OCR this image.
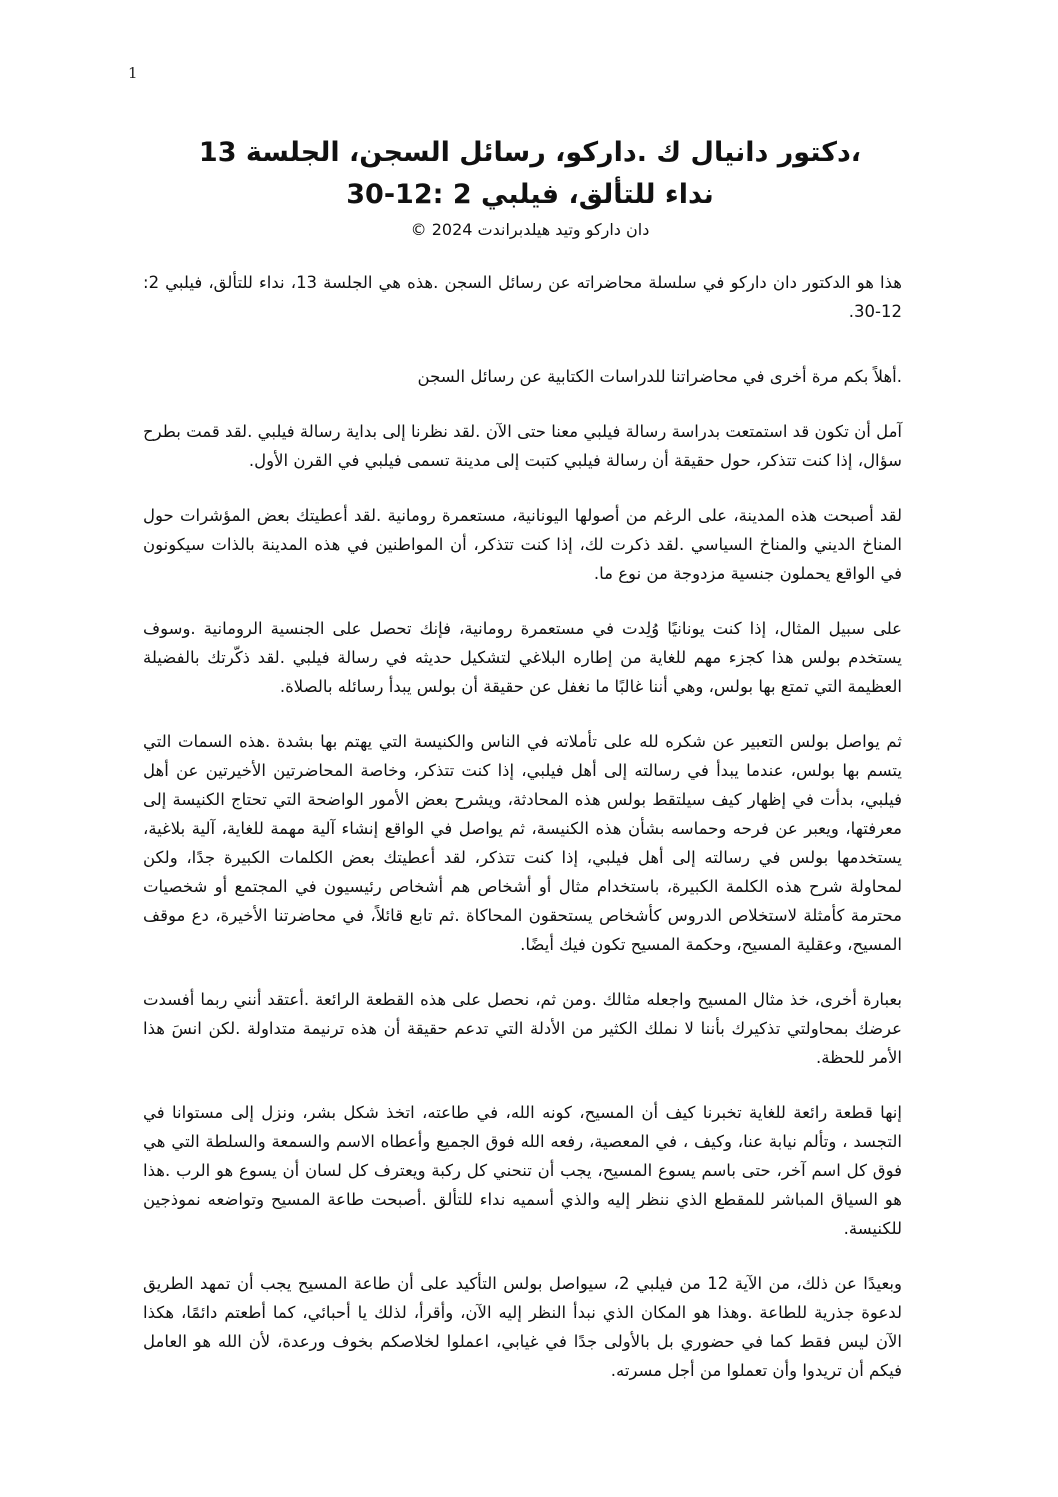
1
،دكتور دانيال ك .داركو، رسائل السجن، الجلسة 13
نداء للتألق، فيلبي 2 :12-30
دان داركو وتيد هيلدبراندت 2024 ©

هذا هو الدكتور دان داركو في سلسلة محاضراته عن رسائل السجن .هذه هي الجلسة 13، نداء للتألق، فيلبي 2: 12-30.

.أهلاً بكم مرة أخرى في محاضراتنا للدراسات الكتابية عن رسائل السجن

آمل أن تكون قد استمتعت بدراسة رسالة فيلبي معنا حتى الآن .لقد نظرنا إلى بداية رسالة فيلبي .لقد قمت بطرح سؤال، إذا كنت تتذكر، حول حقيقة أن رسالة فيلبي كتبت إلى مدينة تسمى فيلبي في القرن الأول.

لقد أصبحت هذه المدينة، على الرغم من أصولها اليونانية، مستعمرة رومانية .لقد أعطيتك بعض المؤشرات حول المناخ الديني والمناخ السياسي .لقد ذكرت لك، إذا كنت تتذكر، أن المواطنين في هذه المدينة بالذات سيكونون في الواقع يحملون جنسية مزدوجة من نوع ما.

على سبيل المثال، إذا كنت يونانيًا وُلِدت في مستعمرة رومانية، فإنك تحصل على الجنسية الرومانية .وسوف يستخدم بولس هذا كجزء مهم للغاية من إطاره البلاغي لتشكيل حديثه في رسالة فيلبي .لقد ذكّرتك بالفضيلة العظيمة التي تمتع بها بولس، وهي أننا غالبًا ما نغفل عن حقيقة أن بولس يبدأ رسائله بالصلاة.

ثم يواصل بولس التعبير عن شكره لله على تأملاته في الناس والكنيسة التي يهتم بها بشدة .هذه السمات التي يتسم بها بولس، عندما يبدأ في رسالته إلى أهل فيلبي، إذا كنت تتذكر، وخاصة المحاضرتين الأخيرتين عن أهل فيلبي، بدأت في إظهار كيف سيلتقط بولس هذه المحادثة، ويشرح بعض الأمور الواضحة التي تحتاج الكنيسة إلى معرفتها، ويعبر عن فرحه وحماسه بشأن هذه الكنيسة، ثم يواصل في الواقع إنشاء آلية مهمة للغاية، آلية بلاغية، يستخدمها بولس في رسالته إلى أهل فيلبي، إذا كنت تتذكر، لقد أعطيتك بعض الكلمات الكبيرة جدًا، ولكن لمحاولة شرح هذه الكلمة الكبيرة، باستخدام مثال أو أشخاص هم أشخاص رئيسيون في المجتمع أو شخصيات محترمة كأمثلة لاستخلاص الدروس كأشخاص يستحقون المحاكاة .ثم تابع قائلاً، في محاضرتنا الأخيرة، دع موقف المسيح، وعقلية المسيح، وحكمة المسيح تكون فيك أيضًا.

بعبارة أخرى، خذ مثال المسيح واجعله مثالك .ومن ثم، نحصل على هذه القطعة الرائعة .أعتقد أنني ربما أفسدت عرضك بمحاولتي تذكيرك بأننا لا نملك الكثير من الأدلة التي تدعم حقيقة أن هذه ترنيمة متداولة .لكن انسَ هذا الأمر للحظة.

إنها قطعة رائعة للغاية تخبرنا كيف أن المسيح، كونه الله، في طاعته، اتخذ شكل بشر، ونزل إلى مستوانا في التجسد ، وتألم نيابة عنا، وكيف ، في المعصية، رفعه الله فوق الجميع وأعطاه الاسم والسمعة والسلطة التي هي فوق كل اسم آخر، حتى باسم يسوع المسيح، يجب أن تنحني كل ركبة ويعترف كل لسان أن يسوع هو الرب .هذا هو السياق المباشر للمقطع الذي ننظر إليه والذي أسميه نداء للتألق .أصبحت طاعة المسيح وتواضعه نموذجين للكنيسة.

وبعيدًا عن ذلك، من الآية 12 من فيلبي 2، سيواصل بولس التأكيد على أن طاعة المسيح يجب أن تمهد الطريق لدعوة جذرية للطاعة .وهذا هو المكان الذي نبدأ النظر إليه الآن، وأقرأ، لذلك يا أحبائي، كما أطعتم دائمًا، هكذا الآن ليس فقط كما في حضوري بل بالأولى جدًا في غيابي، اعملوا لخلاصكم بخوف ورعدة، لأن الله هو العامل فيكم أن تريدوا وأن تعملوا من أجل مسرته.
